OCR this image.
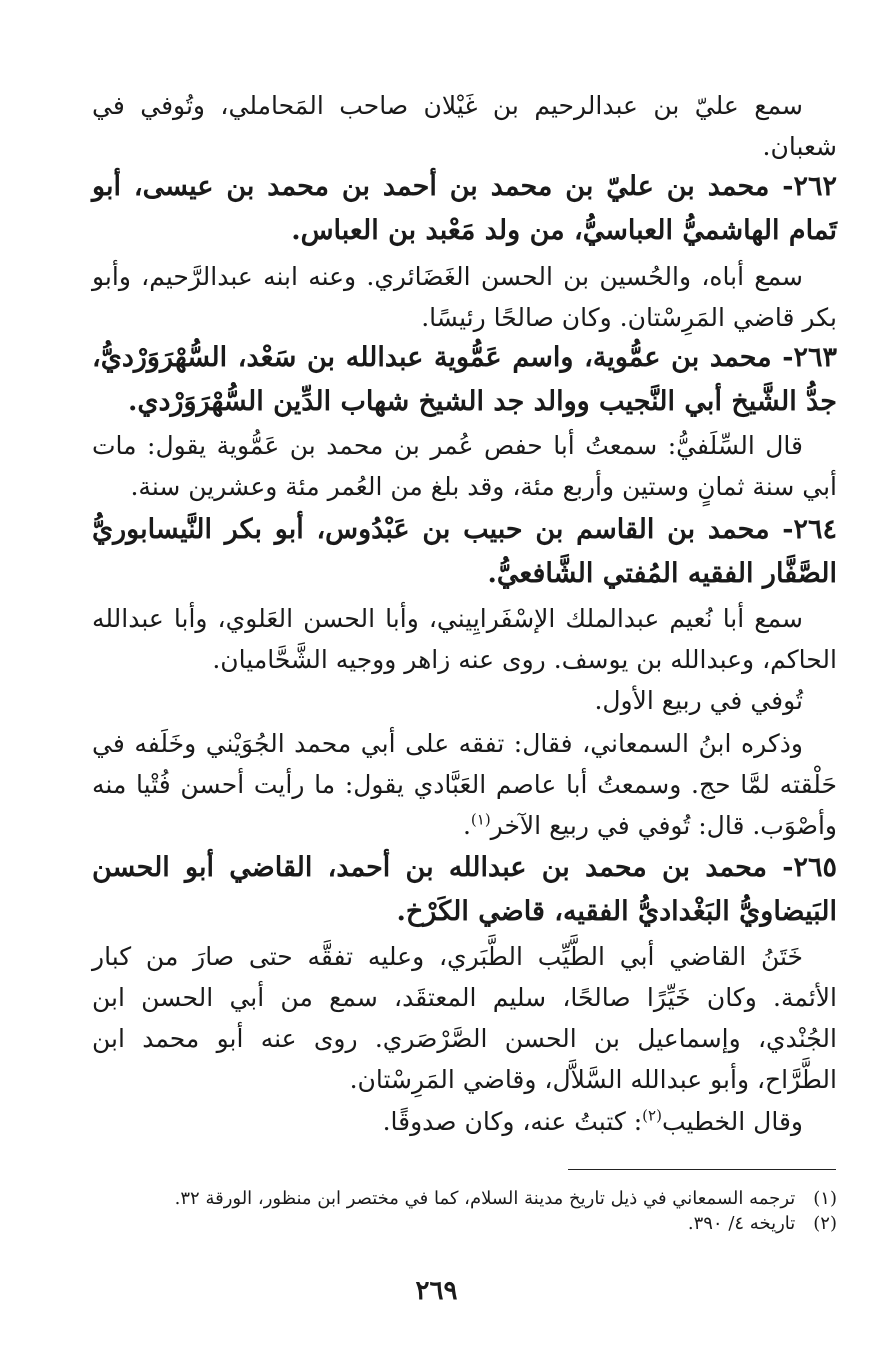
سمع عليّ بن عبدالرحيم بن غَيْلان صاحب المَحاملي، وتُوفي في شعبان.
٢٦٢- محمد بن عليّ بن محمد بن أحمد بن محمد بن عيسى، أبو تَمام الهاشميُّ العباسيُّ، من ولد مَعْبد بن العباس.
سمع أباه، والحُسين بن الحسن الغَضَائري. وعنه ابنه عبدالرَّحيم، وأبو بكر قاضي المَرِسْتان. وكان صالحًا رئيسًا.
٢٦٣- محمد بن عمُّوية، واسم عَمُّوية عبدالله بن سَعْد، السُّهْرَوَرْديُّ، جدُّ الشَّيخ أبي النَّجيب ووالد جد الشيخ شهاب الدِّين السُّهْرَوَرْدي.
قال السِّلَفيُّ: سمعتُ أبا حفص عُمر بن محمد بن عَمُّوية يقول: مات أبي سنة ثمانٍ وستين وأربع مئة، وقد بلغ من العُمر مئة وعشرين سنة.
٢٦٤- محمد بن القاسم بن حبيب بن عَبْدُوس، أبو بكر النَّيسابوريُّ الصَّفَّار الفقيه المُفتي الشَّافعيُّ.
سمع أبا نُعيم عبدالملك الإسْفَرايِيني، وأبا الحسن العَلوي، وأبا عبدالله الحاكم، وعبدالله بن يوسف. روى عنه زاهر ووجيه الشَّحَّاميان.
تُوفي في ربيع الأول.
وذكره ابنُ السمعاني، فقال: تفقه على أبي محمد الجُوَيْني وخَلَفه في حَلْقته لمَّا حج. وسمعتُ أبا عاصم العَبَّادي يقول: ما رأيت أحسن فُتْيا منه وأصْوَب. قال: تُوفي في ربيع الآخر$^{(١)}$.
٢٦٥- محمد بن محمد بن عبدالله بن أحمد، القاضي أبو الحسن البَيضاويُّ البَغْداديُّ الفقيه، قاضي الكَرْخ.
خَتَنُ القاضي أبي الطَّيِّب الطَّبَري، وعليه تفقَّه حتى صارَ من كبار الأئمة. وكان خَيِّرًا صالحًا، سليم المعتقَد، سمع من أبي الحسن ابن الجُنْدي، وإسماعيل بن الحسن الصَّرْصَري. روى عنه أبو محمد ابن الطَّرَّاح، وأبو عبدالله السَّلاَّل، وقاضي المَرِسْتان.
وقال الخطيب$^{(٢)}$: كتبتُ عنه، وكان صدوقًا.
(١) ترجمه السمعاني في ذيل تاريخ مدينة السلام، كما في مختصر ابن منظور، الورقة ٣٢.
(٢) تاريخه ٤/ ٣٩٠.
٢٦٩
